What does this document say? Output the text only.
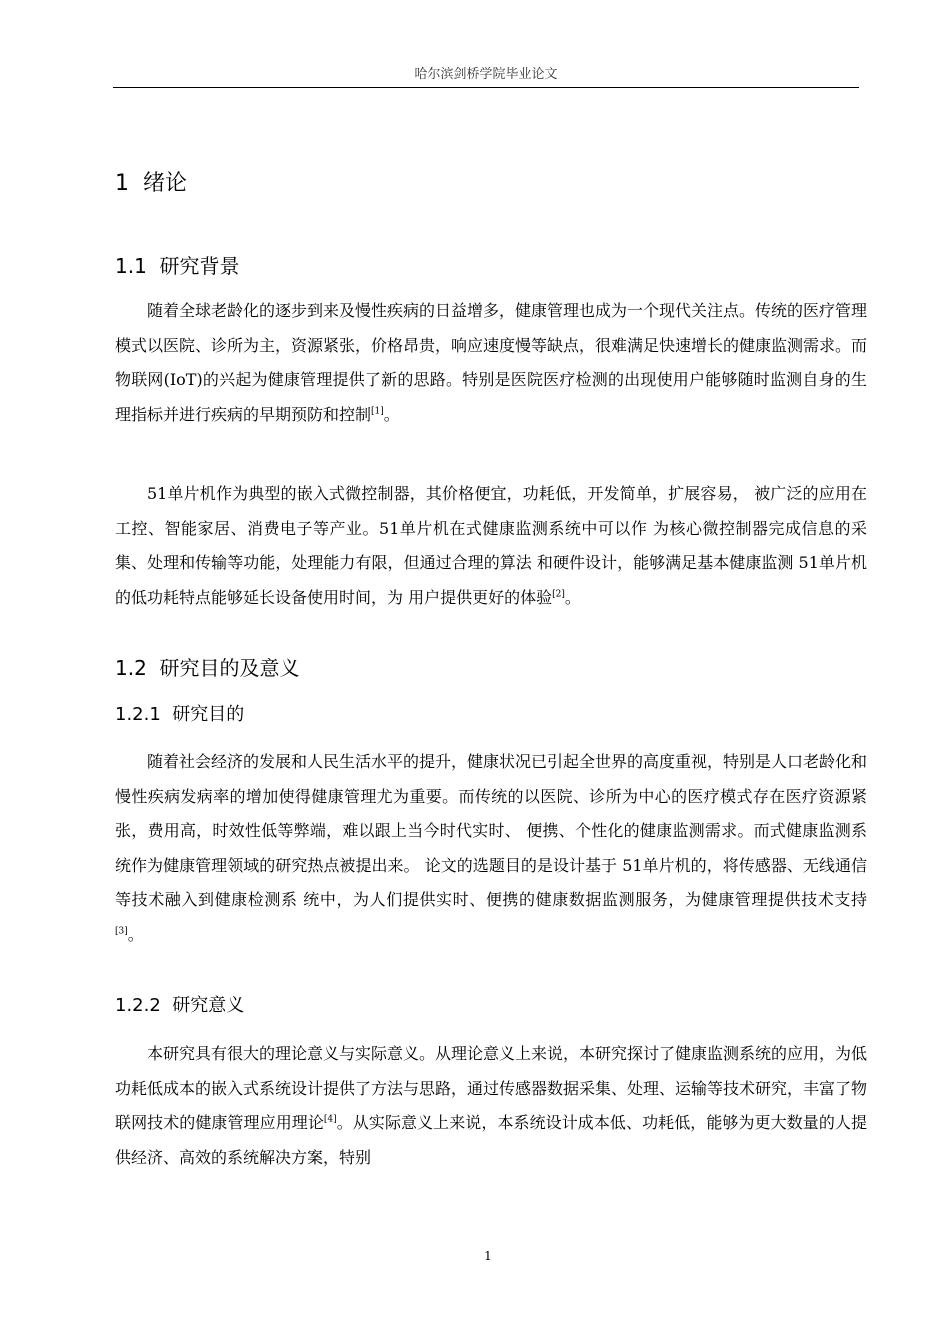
哈尔滨剑桥学院毕业论文
1 绪论
1.1 研究背景

随着全球老龄化的逐步到来及慢性疾病的日益增多，健康管理也成为一个现代关注点。传统的医疗管理模式以医院、诊所为主，资源紧张，价格昂贵，响应速度慢等缺点，很难满足快速增长的健康监测需求。而物联网(IoT)的兴起为健康管理提供了新的思路。特别是医院医疗检测的出现使用户能够随时监测自身的生理指标并进行疾病的早期预防和控制[1]。

51单片机作为典型的嵌入式微控制器，其价格便宜，功耗低，开发简单，扩展容易， 被广泛的应用在工控、智能家居、消费电子等产业。51单片机在式健康监测系统中可以作 为核心微控制器完成信息的采集、处理和传输等功能，处理能力有限，但通过合理的算法 和硬件设计，能够满足基本健康监测 51单片机的低功耗特点能够延长设备使用时间，为 用户提供更好的体验[2]。

1.2 研究目的及意义
1.2.1 研究目的

随着社会经济的发展和人民生活水平的提升，健康状况已引起全世界的高度重视，特别是人口老龄化和慢性疾病发病率的增加使得健康管理尤为重要。而传统的以医院、诊所为中心的医疗模式存在医疗资源紧张，费用高，时效性低等弊端，难以跟上当今时代实时、 便携、个性化的健康监测需求。而式健康监测系统作为健康管理领域的研究热点被提出来。 论文的选题目的是设计基于 51单片机的，将传感器、无线通信等技术融入到健康检测系 统中，为人们提供实时、便携的健康数据监测服务，为健康管理提供技术支持[3]。

1.2.2 研究意义

本研究具有很大的理论意义与实际意义。从理论意义上来说，本研究探讨了健康监测系统的应用，为低功耗低成本的嵌入式系统设计提供了方法与思路，通过传感器数据采集、处理、运输等技术研究，丰富了物联网技术的健康管理应用理论[4]。从实际意义上来说，本系统设计成本低、功耗低，能够为更大数量的人提供经济、高效的系统解决方案，特别

1
